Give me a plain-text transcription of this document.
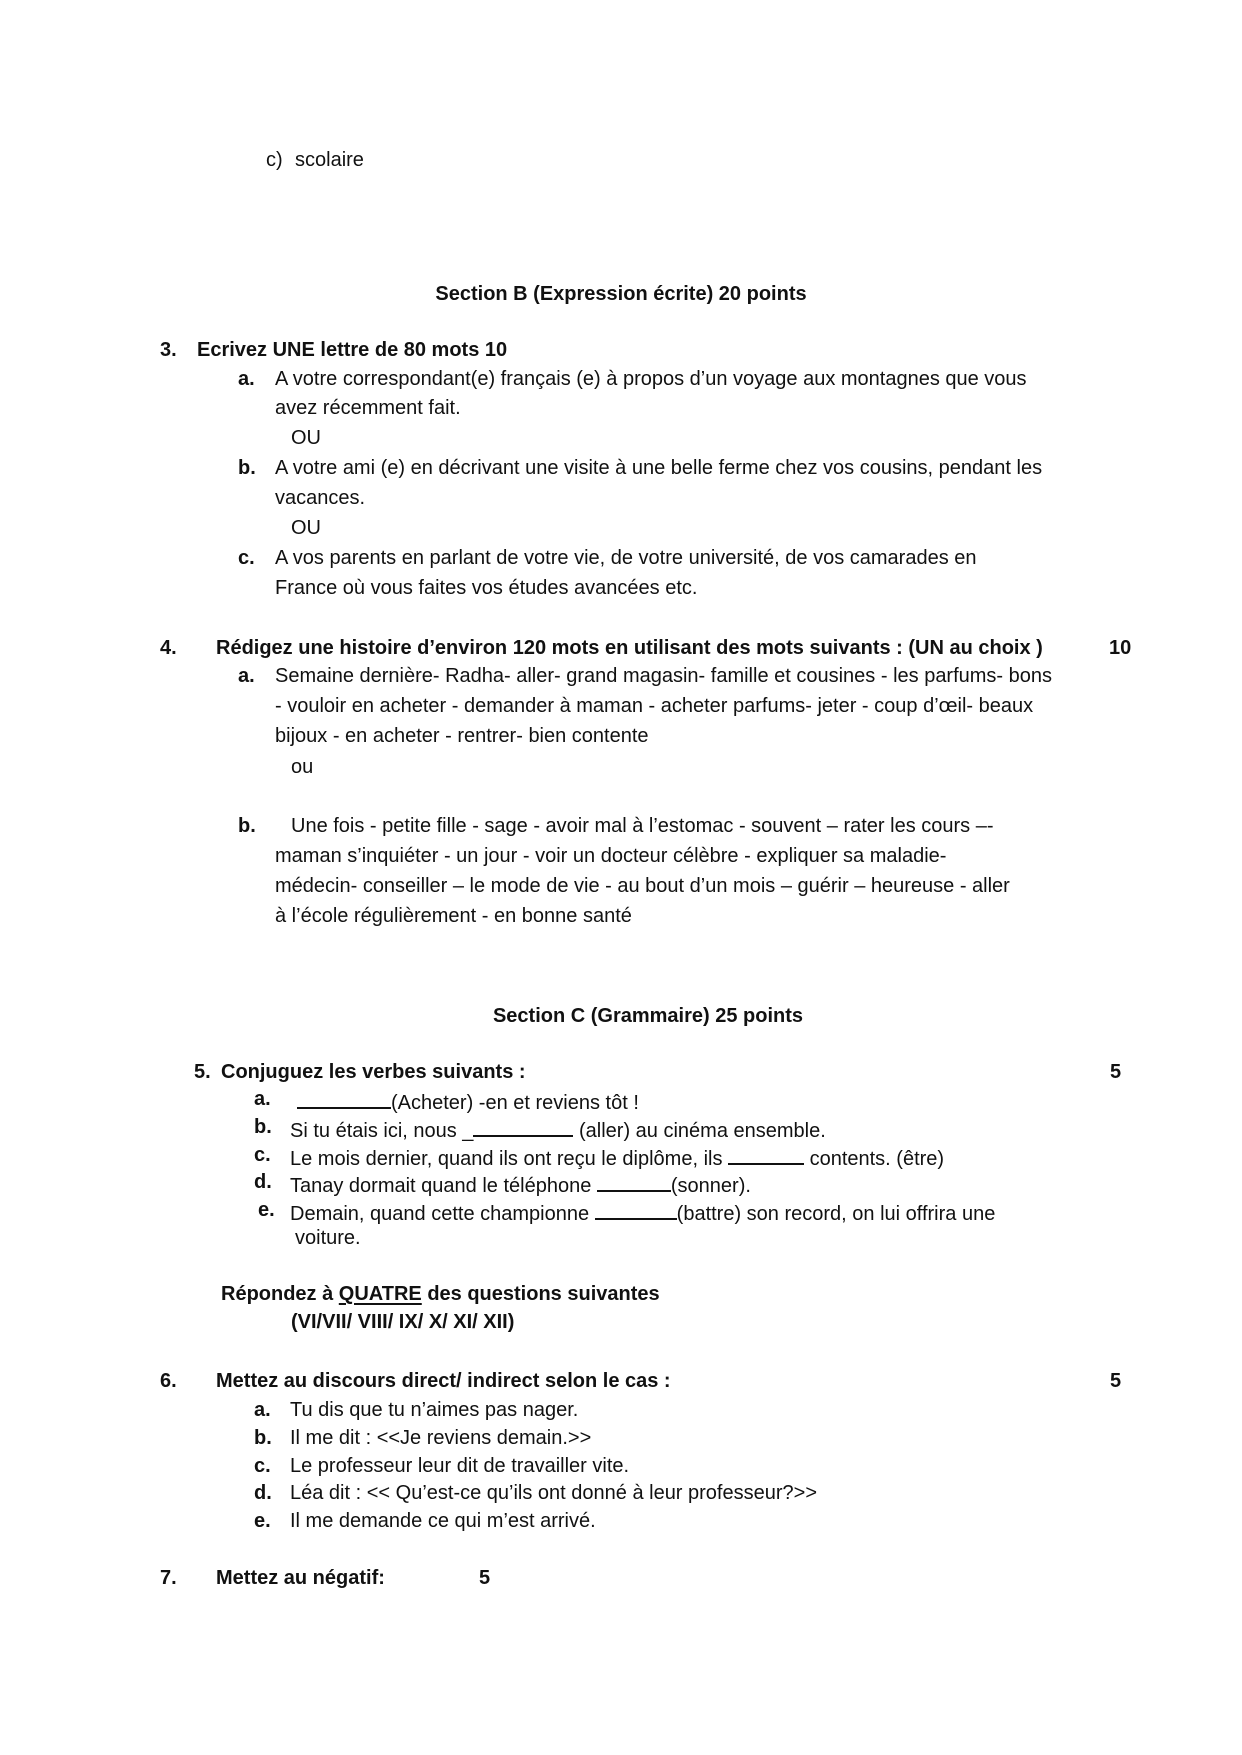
c) scolaire
Section B (Expression écrite) 20 points
3. Ecrivez UNE lettre de 80 mots 10
a. A votre correspondant(e) français (e) à propos d’un voyage aux montagnes que vous
avez récemment fait.
OU
b. A votre ami (e) en décrivant une visite à une belle ferme chez vos cousins, pendant les
vacances.
OU
c. A vos parents en parlant de votre vie, de votre université, de vos camarades en
France où vous faites vos études avancées etc.
4. Rédigez une histoire d’environ 120 mots en utilisant des mots suivants : (UN au choix )	10
a. Semaine dernière- Radha- aller- grand magasin- famille et cousines - les parfums- bons
- vouloir en acheter - demander à maman - acheter parfums- jeter - coup d’œil- beaux
bijoux - en acheter - rentrer- bien contente
ou
b. Une fois - petite fille - sage - avoir mal à l’estomac - souvent – rater les cours –-
maman s’inquiéter - un jour - voir un docteur célèbre - expliquer sa maladie-
médecin- conseiller – le mode de vie - au bout d’un mois – guérir – heureuse - aller
à l’école régulièrement - en bonne santé
Section C (Grammaire) 25 points
5. Conjuguez les verbes suivants :	5
a.	(Acheter) -en et reviens tôt !
b. Si tu étais ici, nous _	(aller) au cinéma ensemble.
c. Le mois dernier, quand ils ont reçu le diplôme, ils	contents. (être)
d. Tanay dormait quand le téléphone	(sonner).
e. Demain, quand cette championne	(battre) son record, on lui offrira une
voiture.
Répondez à QUATRE des questions suivantes
(VI/VII/ VIII/ IX/ X/ XI/ XII)
6. Mettez au discours direct/ indirect selon le cas :	5
a. Tu dis que tu n’aimes pas nager.
b. Il me dit : <<Je reviens demain.>>
c. Le professeur leur dit de travailler vite.
d. Léa dit : << Qu’est-ce qu’ils ont donné à leur professeur?>>
e. Il me demande ce qui m’est arrivé.
7. Mettez au négatif:	5
